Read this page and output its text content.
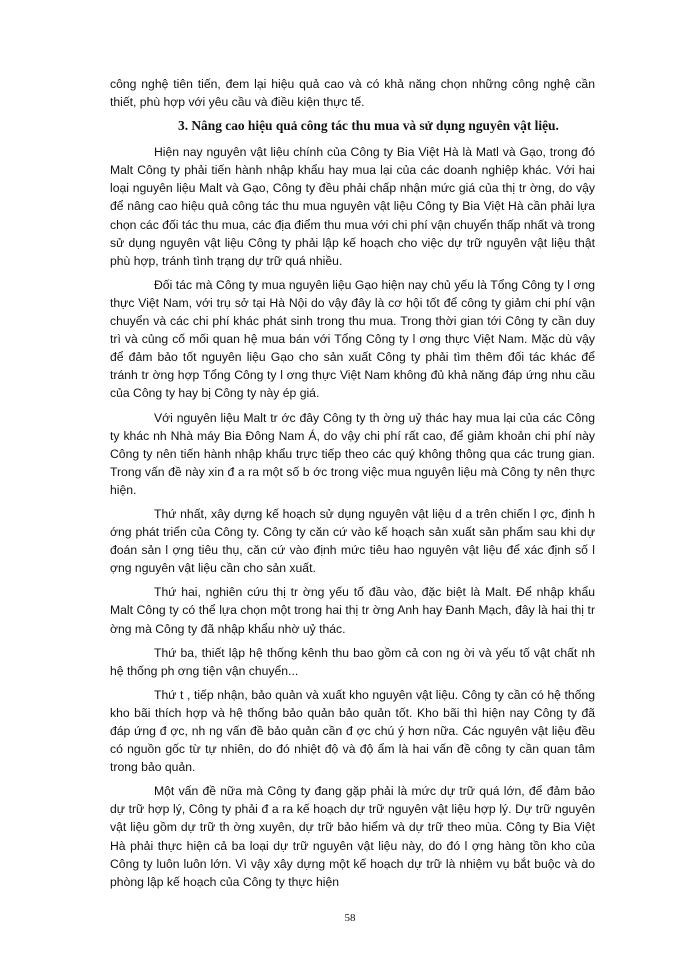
công nghệ tiên tiến, đem lại hiệu quả cao và có khả năng chọn những công nghệ cần thiết, phù hợp với yêu cầu và điều kiện thực tế.

3. Nâng cao hiệu quả công tác thu mua và sử dụng nguyên vật liệu.

Hiện nay nguyên vật liệu chính của Công ty Bia Việt Hà là Matl và Gạo, trong đó Malt Công ty phải tiến hành nhập khẩu hay mua lại của các doanh nghiệp khác. Với hai loại nguyên liệu Malt và Gạo, Công ty đều phải chấp nhận mức giá của thị tr ờng, do vậy để nâng cao hiệu quả công tác thu mua nguyên vật liệu Công ty Bia Việt Hà cần phải lựa chọn các đối tác thu mua, các địa điểm thu mua với chi phí vận chuyển thấp nhất và trong sử dụng nguyên vật liệu Công ty phải lập kế hoạch cho việc dự trữ nguyên vật liệu thật phù hợp, tránh tình trạng dự trữ quá nhiều.

Đối tác mà Công ty mua nguyên liệu Gạo hiện nay chủ yếu là Tổng Công ty l ơng thực Việt Nam, với trụ sở tại Hà Nội do vậy đây là cơ hội tốt để công ty giảm chi phí vận chuyển và các chi phí khác phát sinh trong thu mua. Trong thời gian tới Công ty cần duy trì và củng cố mối quan hệ mua bán với Tổng Công ty l ơng thực Việt Nam. Mặc dù vậy để đảm bảo tốt nguyên liệu Gạo cho sản xuất Công ty phải tìm thêm đối tác khác để tránh tr ờng hợp Tổng Công ty l ơng thực Việt Nam không đủ khả năng đáp ứng nhu cầu của Công ty hay bị Công ty này ép giá.

Với nguyên liệu Malt tr ớc đây Công ty th ờng uỷ thác hay mua lại của các Công ty khác nh Nhà máy Bia Đông Nam Á, do vậy chi phí rất cao, để giảm khoản chi phí này Công ty nên tiến hành nhập khẩu trực tiếp theo các quý không thông qua các trung gian. Trong vấn đề này xin đ a ra một số b ớc trong việc mua nguyên liệu mà Công ty nên thực hiện.

Thứ nhất, xây dựng kế hoạch sử dụng nguyên vật liệu d a trên chiến l ợc, định h ớng phát triển của Công ty. Công ty căn cứ vào kế hoạch sản xuất sản phẩm sau khi dự đoán sản l ợng tiêu thụ, căn cứ vào định mức tiêu hao nguyên vật liệu để xác định số l ợng nguyên vật liệu cần cho sản xuất.

Thứ hai, nghiên cứu thị tr ờng yếu tố đầu vào, đặc biệt là Malt. Để nhập khẩu Malt Công ty có thể lựa chọn một trong hai thị tr ờng Anh hay Đanh Mạch, đây là hai thị tr ờng mà Công ty đã nhập khẩu nhờ uỷ thác.

Thứ ba, thiết lập hệ thống kênh thu bao gồm cả con ng ời và yếu tố vật chất nh hệ thống ph ơng tiện vận chuyển...

Thứ t , tiếp nhận, bảo quản và xuất kho nguyên vật liệu. Công ty cần có hệ thống kho bãi thích hợp và hệ thống bảo quản bảo quản tốt. Kho bãi thì hiện nay Công ty đã đáp ứng đ ợc, nh ng vấn đề bảo quản cần đ ợc chú ý hơn nữa. Các nguyên vật liệu đều có nguồn gốc từ tự nhiên, do đó nhiệt độ và độ ẩm là hai vấn đề công ty cần quan tâm trong bảo quản.

Một vấn đề nữa mà Công ty đang gặp phải là mức dự trữ quá lớn, để đảm bảo dự trữ hợp lý, Công ty phải đ a ra kế hoạch dự trữ nguyên vật liệu hợp lý. Dự trữ nguyên vật liệu gồm dự trữ th ờng xuyên, dự trữ bảo hiểm và dự trữ theo mùa. Công ty Bia Việt Hà phải thực hiện cả ba loại dự trữ nguyên vật liệu này, do đó l ợng hàng tồn kho của Công ty luôn luôn lớn. Vì vậy xây dựng một kế hoạch dự trữ là nhiệm vụ bắt buộc và do phòng lập kế hoạch của Công ty thực hiện

58
